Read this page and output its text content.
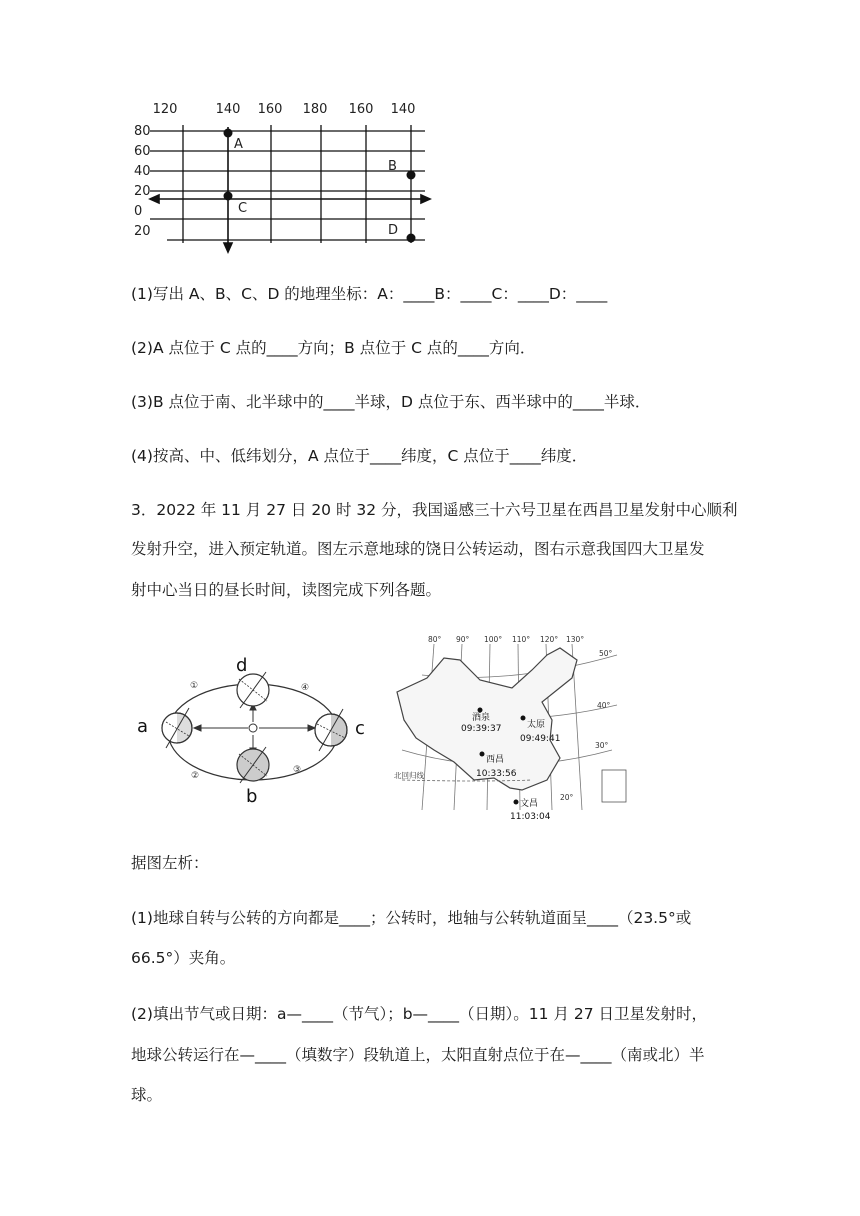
120	140 160 180 160 140
80
60
40
20
0
20
A
B
C
D
(1)写出 A、B、C、D 的地理坐标：A：____B：____C：____D：____
(2)A 点位于 C 点的____方向；B 点位于 C 点的____方向．
(3)B 点位于南、北半球中的____半球，D 点位于东、西半球中的____半球．
(4)按高、中、低纬划分，A 点位于____纬度，C 点位于____纬度．
3．2022 年 11 月 27 日 20 时 32 分，我国遥感三十六号卫星在西昌卫星发射中心顺利
发射升空，进入预定轨道。图左示意地球的饶日公转运动，图右示意我国四大卫星发
射中心当日的昼长时间，读图完成下列各题。
a
b
c
d
①
②
③
④
80° 90° 100° 110° 120° 130°
50°
40°
30°
20°
北回归线
酒泉
09:39:37	太原
09:49:41
西昌
10:33:56
文昌
11:03:04
据图左析：
(1)地球自转与公转的方向都是____；公转时，地轴与公转轨道面呈____（23.5°或
66.5°）夹角。
(2)填出节气或日期：a—____（节气）；b—____（日期）。11 月 27 日卫星发射时，
地球公转运行在—____（填数字）段轨道上，太阳直射点位于在—____（南或北）半
球。
